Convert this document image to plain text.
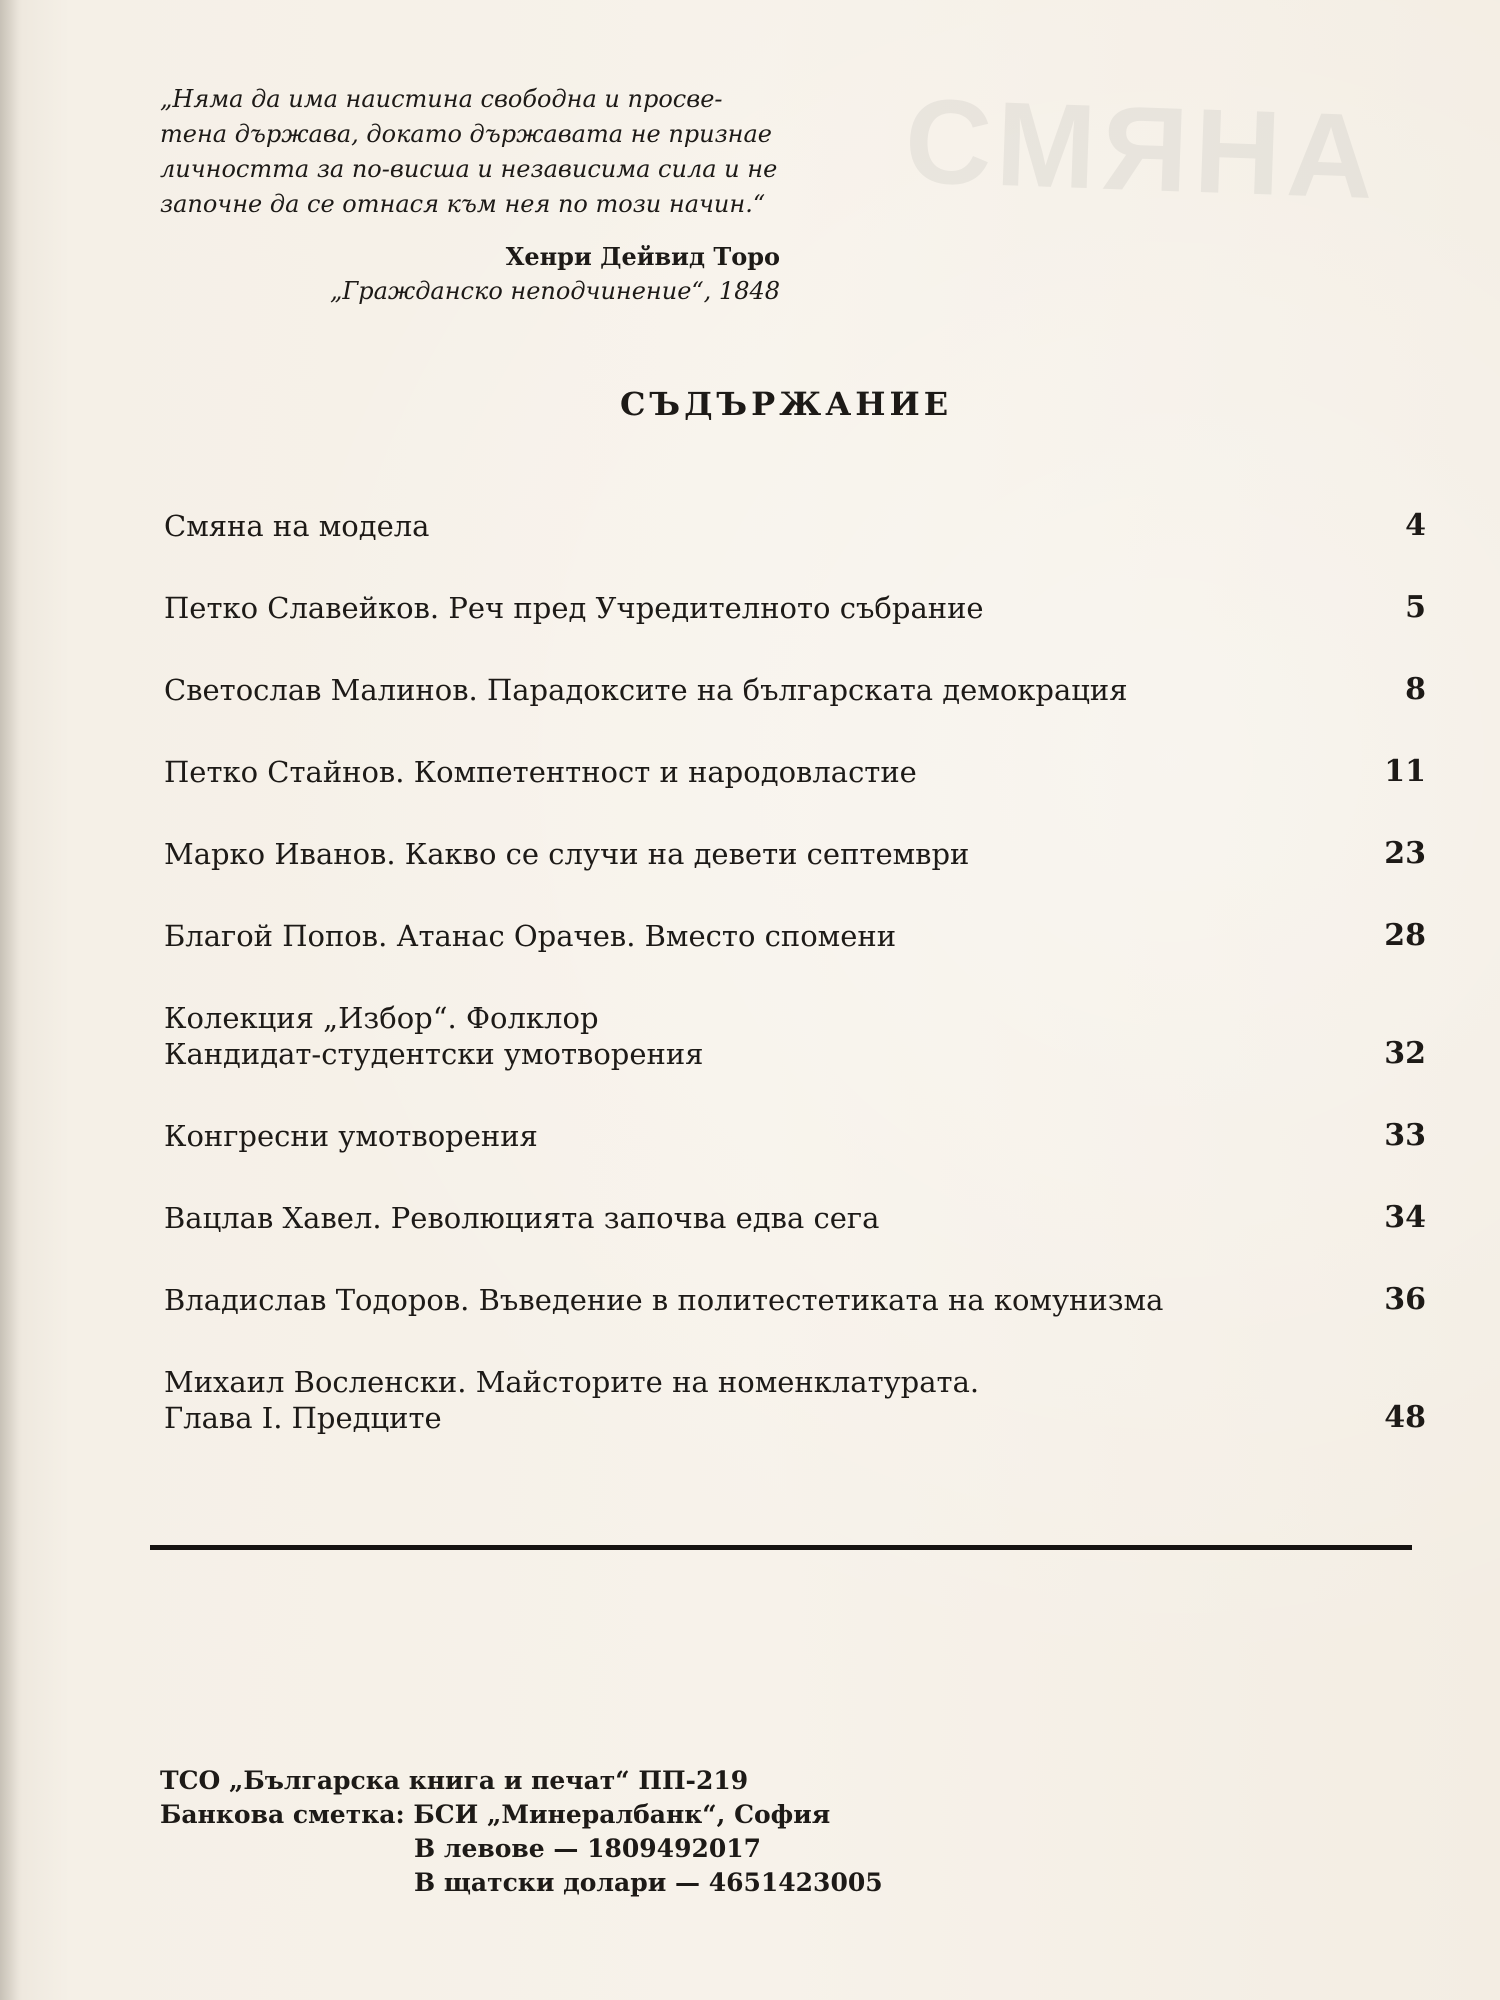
СМЯНА
„Няма да има наистина свободна и просве-
тена държава, докато държавата не признае
личността за по-висша и независима сила и не
започне да се отнася към нея по този начин.“
Хенри Дейвид Торо
„Гражданско неподчинение“, 1848
СЪДЪРЖАНИЕ
Смяна на модела	4
Петко Славейков. Реч пред Учредителното събрание	5
Светослав Малинов. Парадоксите на българската демокрация	8
Петко Стайнов. Компетентност и народовластие	11
Марко Иванов. Какво се случи на девети септември	23
Благой Попов. Атанас Орачев. Вместо спомени	28
Колекция „Избор“. Фолклор
Кандидат-студентски умотворения	32
Конгресни умотворения	33
Вацлав Хавел. Революцията започва едва сега	34
Владислав Тодоров. Въведение в политестетиката на комунизма	36
Михаил Восленски. Майсторите на номенклатурата.
Глава I. Предците	48
ТСО „Българска книга и печат“ ПП-219
Банкова сметка: БСИ „Минералбанк“, София
В левове — 1809492017
В щатски долари — 4651423005
